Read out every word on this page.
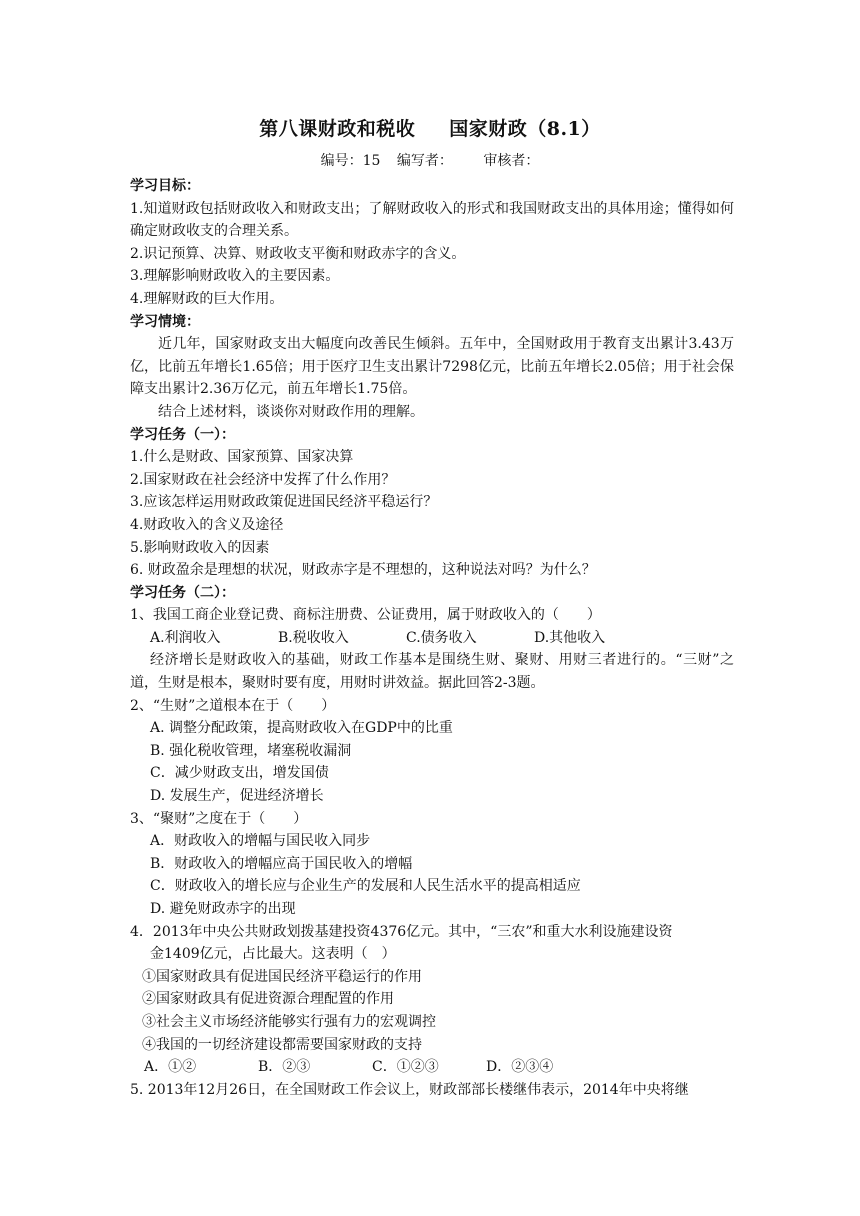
第八课财政和税收 国家财政（8.1）
编号：15 编写者： 审核者：
学习目标：
1.知道财政包括财政收入和财政支出；了解财政收入的形式和我国财政支出的具体用途；懂得如何确定财政收支的合理关系。
2.识记预算、决算、财政收支平衡和财政赤字的含义。
3.理解影响财政收入的主要因素。
4.理解财政的巨大作用。
学习情境：
近几年，国家财政支出大幅度向改善民生倾斜。五年中，全国财政用于教育支出累计3.43万亿，比前五年增长1.65倍；用于医疗卫生支出累计7298亿元，比前五年增长2.05倍；用于社会保障支出累计2.36万亿元，前五年增长1.75倍。
结合上述材料，谈谈你对财政作用的理解。
学习任务（一）：
1.什么是财政、国家预算、国家决算
2.国家财政在社会经济中发挥了什么作用？
3.应该怎样运用财政政策促进国民经济平稳运行？
4.财政收入的含义及途径
5.影响财政收入的因素
6. 财政盈余是理想的状况，财政赤字是不理想的，这种说法对吗？为什么？
学习任务（二）：
1、我国工商企业登记费、商标注册费、公证费用，属于财政收入的（　　）
A.利润收入	B.税收收入	C.债务收入	D.其他收入
经济增长是财政收入的基础，财政工作基本是围绕生财、聚财、用财三者进行的。“三财”之道，生财是根本，聚财时要有度，用财时讲效益。据此回答2-3题。
2、“生财”之道根本在于（　　）
A. 调整分配政策，提高财政收入在GDP中的比重
B. 强化税收管理，堵塞税收漏洞
C．减少财政支出，增发国债
D. 发展生产，促进经济增长
3、“聚财”之度在于（　　）
A．财政收入的增幅与国民收入同步
B．财政收入的增幅应高于国民收入的增幅
C．财政收入的增长应与企业生产的发展和人民生活水平的提高相适应
D. 避免财政赤字的出现
4．2013年中央公共财政划拨基建投资4376亿元。其中，“三农”和重大水利设施建设资
金1409亿元，占比最大。这表明（　）
①国家财政具有促进国民经济平稳运行的作用
②国家财政具有促进资源合理配置的作用
③社会主义市场经济能够实行强有力的宏观调控
④我国的一切经济建设都需要国家财政的支持
A．①②	B．②③	C．①②③	D．②③④
5. 2013年12月26日，在全国财政工作会议上，财政部部长楼继伟表示，2014年中央将继
